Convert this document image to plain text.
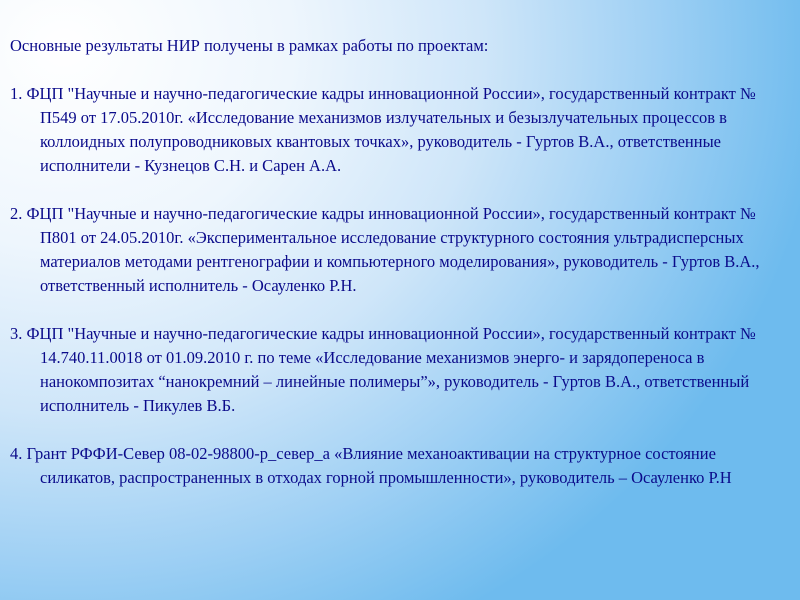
Основные результаты НИР получены в рамках работы по проектам:

1. ФЦП "Научные и научно-педагогические кадры инновационной России», государственный контракт № П549 от 17.05.2010г. «Исследование механизмов излучательных и безызлучательных процессов в коллоидных полупроводниковых квантовых точках», руководитель - Гуртов В.А., ответственные исполнители - Кузнецов С.Н. и Сарен А.А.

2. ФЦП "Научные и научно-педагогические кадры инновационной России», государственный контракт № П801 от 24.05.2010г. «Экспериментальное исследование структурного состояния ультрадисперсных материалов методами рентгенографии и компьютерного моделирования», руководитель - Гуртов В.А., ответственный исполнитель - Осауленко Р.Н.

3. ФЦП "Научные и научно-педагогические кадры инновационной России», государственный контракт № 14.740.11.0018 от 01.09.2010 г. по теме «Исследование механизмов энерго- и зарядопереноса в нанокомпозитах “нанокремний – линейные полимеры”», руководитель - Гуртов В.А., ответственный исполнитель - Пикулев В.Б.

4. Грант РФФИ-Север 08-02-98800-р_север_а «Влияние механоактивации на структурное состояние силикатов, распространенных в отходах горной промышленности», руководитель – Осауленко Р.Н
